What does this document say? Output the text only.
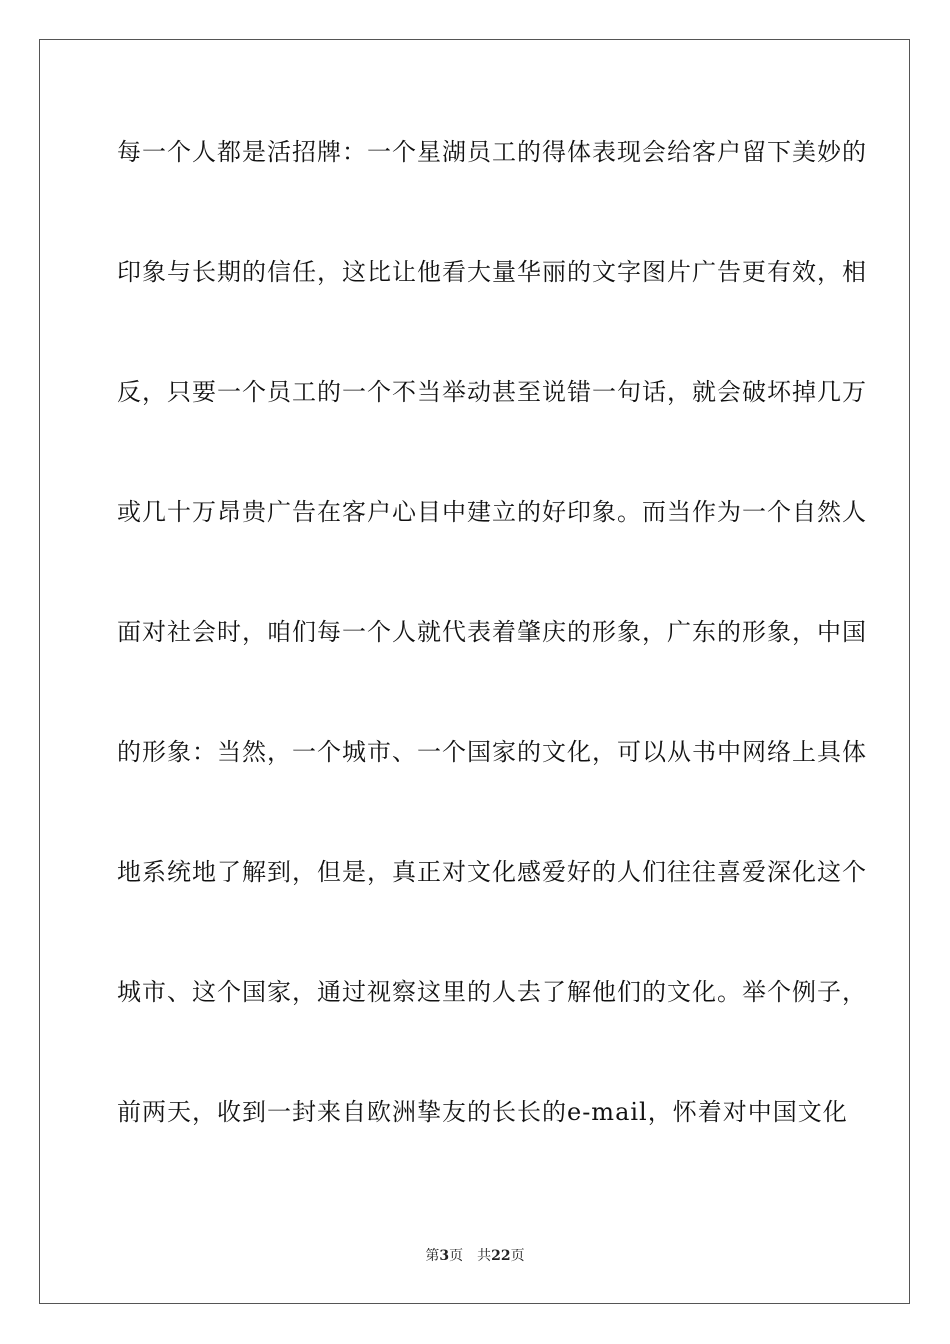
每一个人都是活招牌：一个星湖员工的得体表现会给客户留下美妙的
印象与长期的信任，这比让他看大量华丽的文字图片广告更有效，相
反，只要一个员工的一个不当举动甚至说错一句话，就会破坏掉几万
或几十万昂贵广告在客户心目中建立的好印象。而当作为一个自然人
面对社会时，咱们每一个人就代表着肇庆的形象，广东的形象，中国
的形象：当然，一个城市、一个国家的文化，可以从书中网络上具体
地系统地了解到，但是，真正对文化感爱好的人们往往喜爱深化这个
城市、这个国家，通过视察这里的人去了解他们的文化。举个例子，
前两天，收到一封来自欧洲挚友的长长的e-mail，怀着对中国文化
第3页 共22页
